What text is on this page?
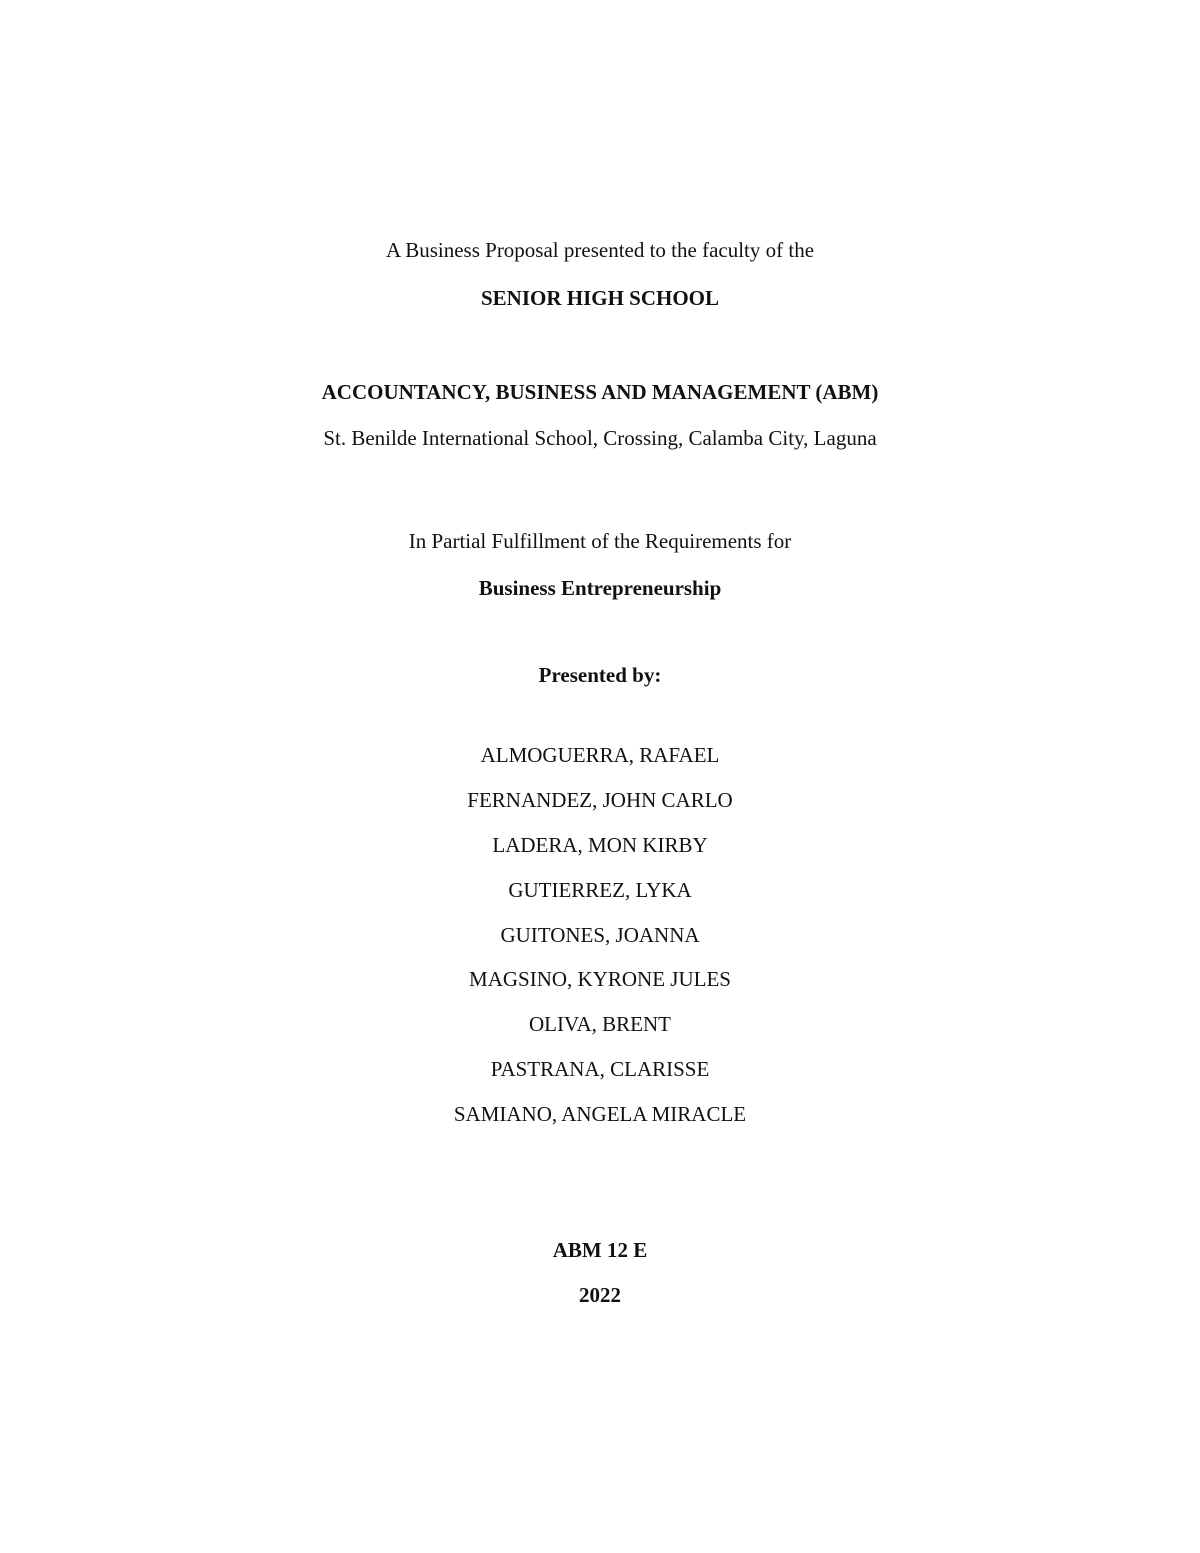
A Business Proposal presented to the faculty of the
SENIOR HIGH SCHOOL
ACCOUNTANCY, BUSINESS AND MANAGEMENT (ABM)
St. Benilde International School, Crossing, Calamba City, Laguna
In Partial Fulfillment of the Requirements for
Business Entrepreneurship
Presented by:
ALMOGUERRA, RAFAEL
FERNANDEZ, JOHN CARLO
LADERA, MON KIRBY
GUTIERREZ, LYKA
GUITONES, JOANNA
MAGSINO, KYRONE JULES
OLIVA, BRENT
PASTRANA, CLARISSE
SAMIANO, ANGELA MIRACLE
ABM 12 E
2022
